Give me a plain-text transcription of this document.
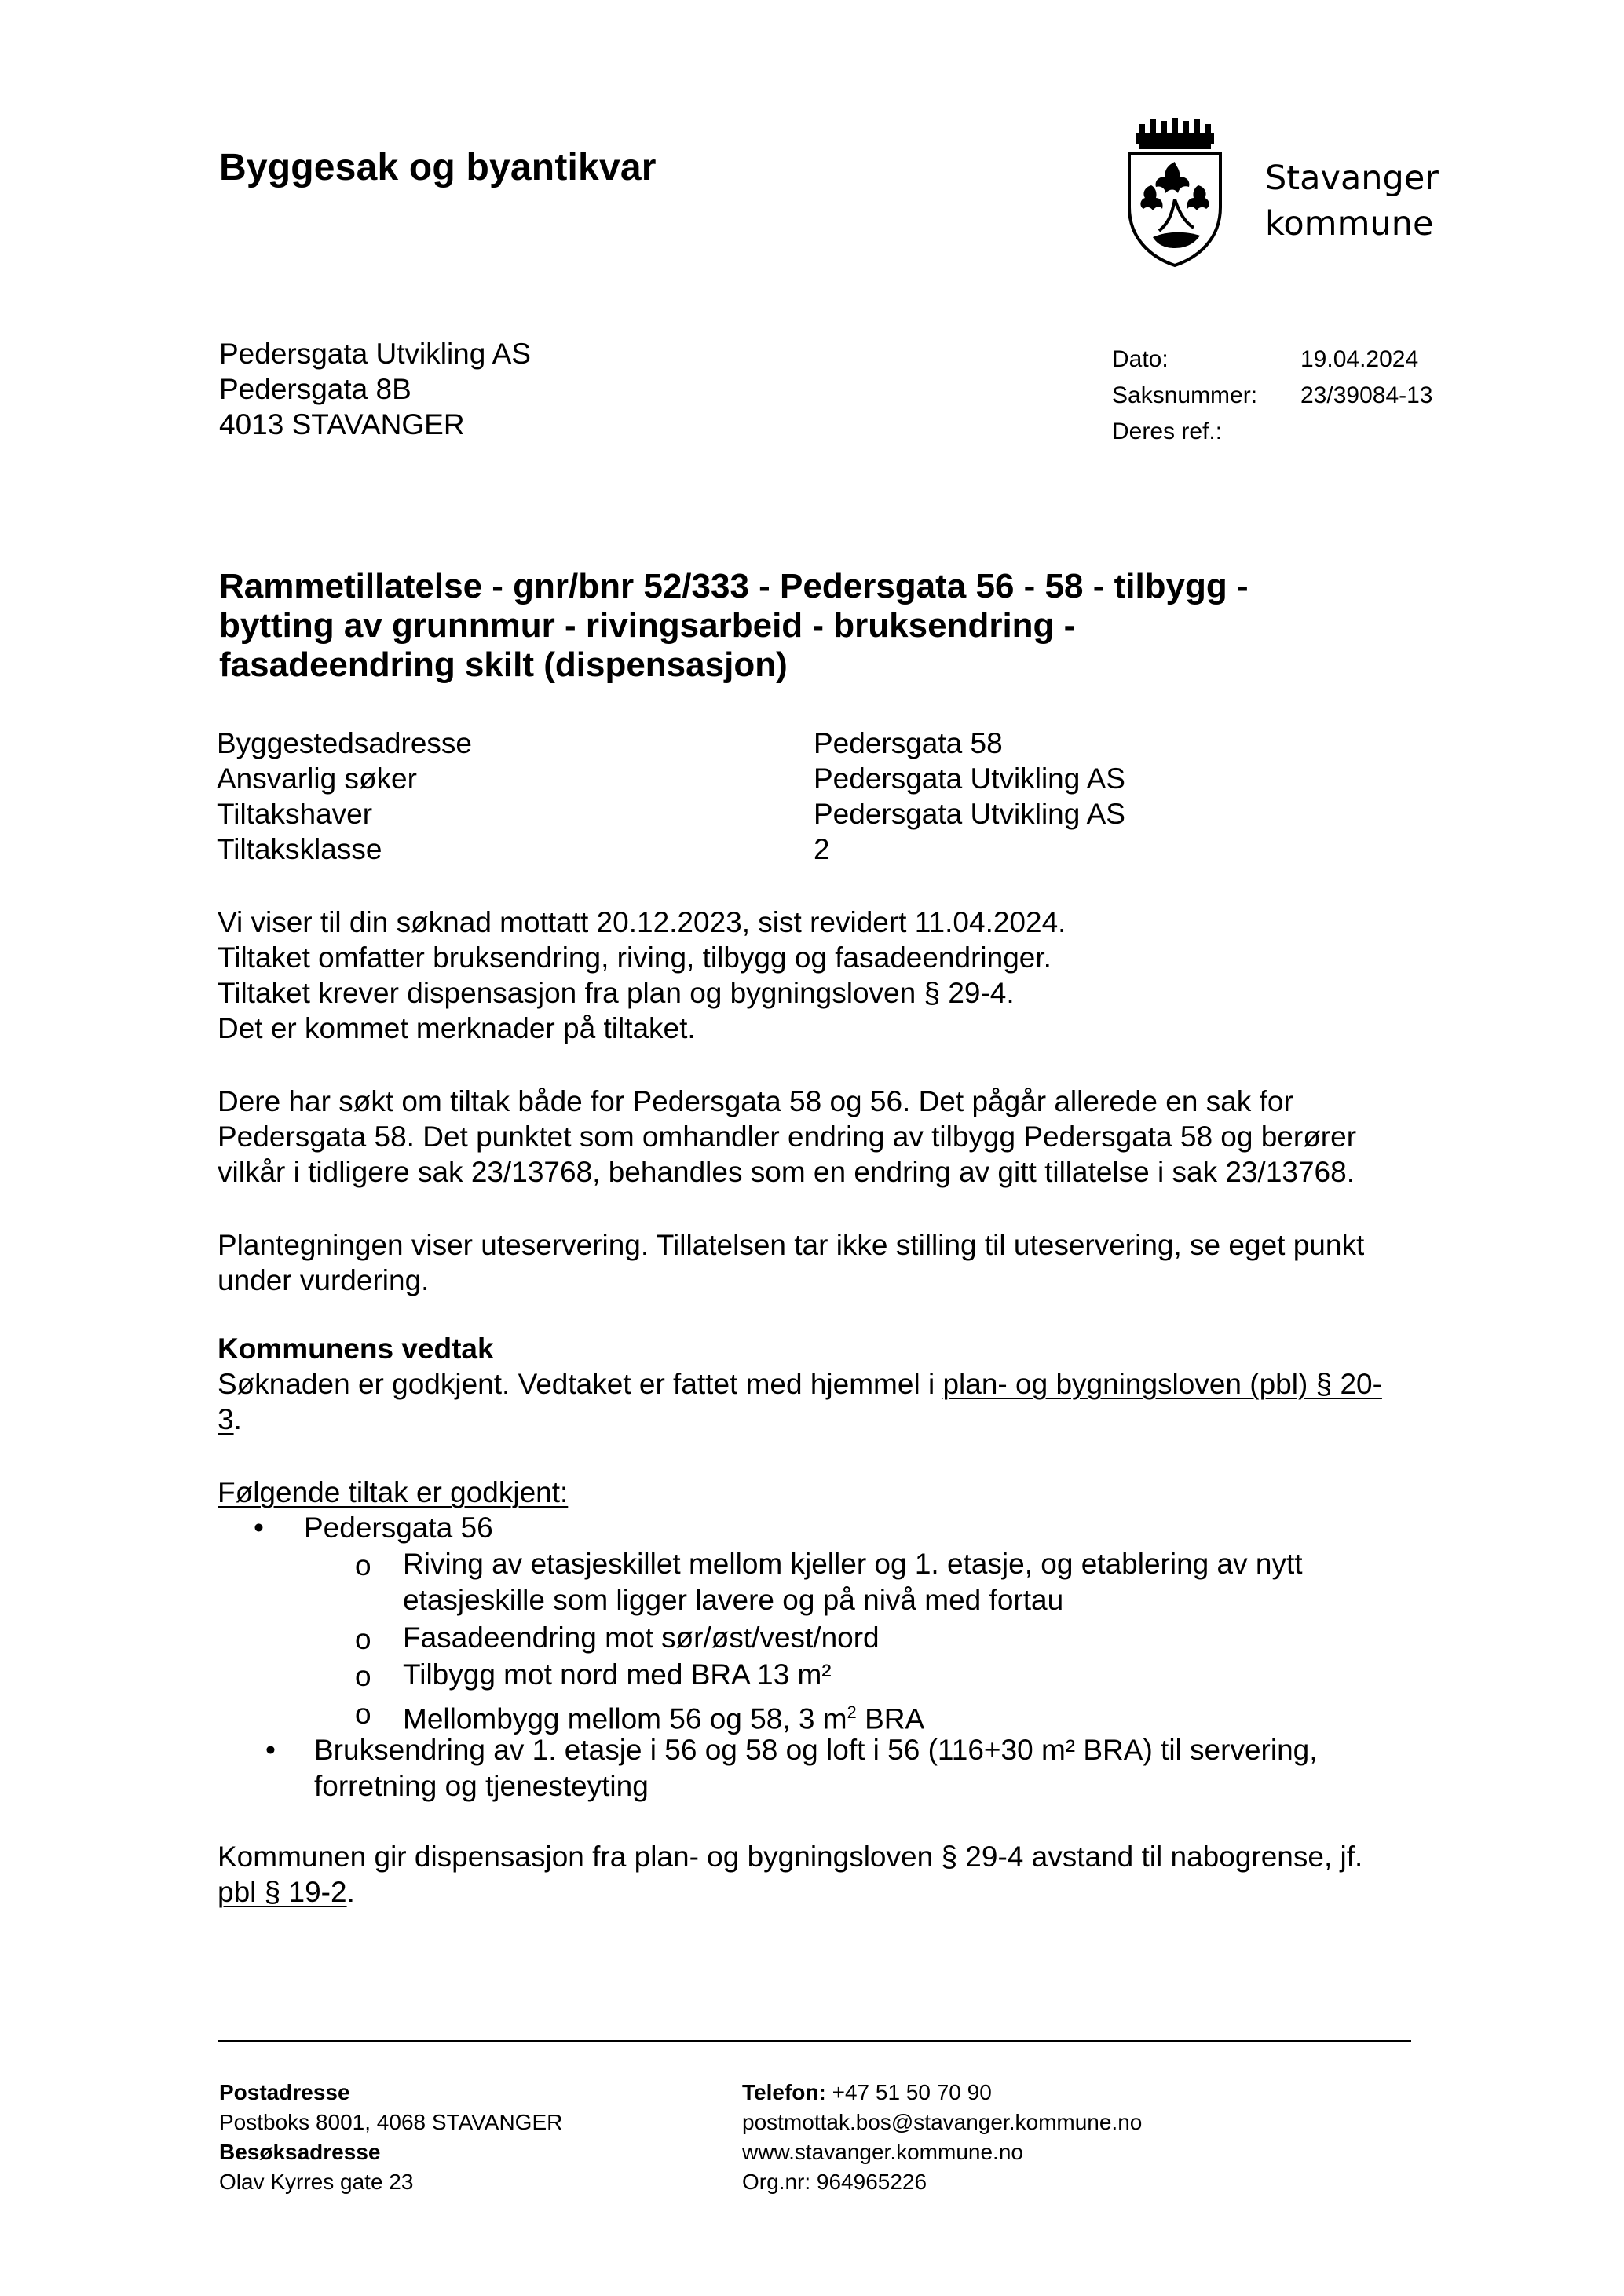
Byggesak og byantikvar	Stavanger
kommune
Pedersgata Utvikling AS
Pedersgata 8B
4013 STAVANGER
Dato:	19.04.2024
Saksnummer:	23/39084-13
Deres ref.:
Rammetillatelse - gnr/bnr 52/333 - Pedersgata 56 - 58 - tilbygg -
bytting av grunnmur - rivingsarbeid - bruksendring -
fasadeendring skilt (dispensasjon)
Byggestedsadresse	Pedersgata 58
Ansvarlig søker	Pedersgata Utvikling AS
Tiltakshaver	Pedersgata Utvikling AS
Tiltaksklasse	2
Vi viser til din søknad mottatt 20.12.2023, sist revidert 11.04.2024.
Tiltaket omfatter bruksendring, riving, tilbygg og fasadeendringer.
Tiltaket krever dispensasjon fra plan og bygningsloven § 29-4.
Det er kommet merknader på tiltaket.
Dere har søkt om tiltak både for Pedersgata 58 og 56. Det pågår allerede en sak for
Pedersgata 58. Det punktet som omhandler endring av tilbygg Pedersgata 58 og berører
vilkår i tidligere sak 23/13768, behandles som en endring av gitt tillatelse i sak 23/13768.
Plantegningen viser uteservering. Tillatelsen tar ikke stilling til uteservering, se eget punkt
under vurdering.
Kommunens vedtak
Søknaden er godkjent. Vedtaket er fattet med hjemmel i plan- og bygningsloven (pbl) § 20-
3.
Følgende tiltak er godkjent:
• Pedersgata 56
o Riving av etasjeskillet mellom kjeller og 1. etasje, og etablering av nytt
etasjeskille som ligger lavere og på nivå med fortau
o Fasadeendring mot sør/øst/vest/nord
o Tilbygg mot nord med BRA 13 m²
o Mellombygg mellom 56 og 58, 3 $m^2$ BRA
• Bruksendring av 1. etasje i 56 og 58 og loft i 56 (116+30 m² BRA) til servering,
forretning og tjenesteyting
Kommunen gir dispensasjon fra plan- og bygningsloven § 29-4 avstand til nabogrense, jf.
pbl § 19-2.
Postadresse
Postboks 8001, 4068 STAVANGER
Besøksadresse
Olav Kyrres gate 23
Telefon: +47 51 50 70 90
postmottak.bos@stavanger.kommune.no
www.stavanger.kommune.no
Org.nr: 964965226
